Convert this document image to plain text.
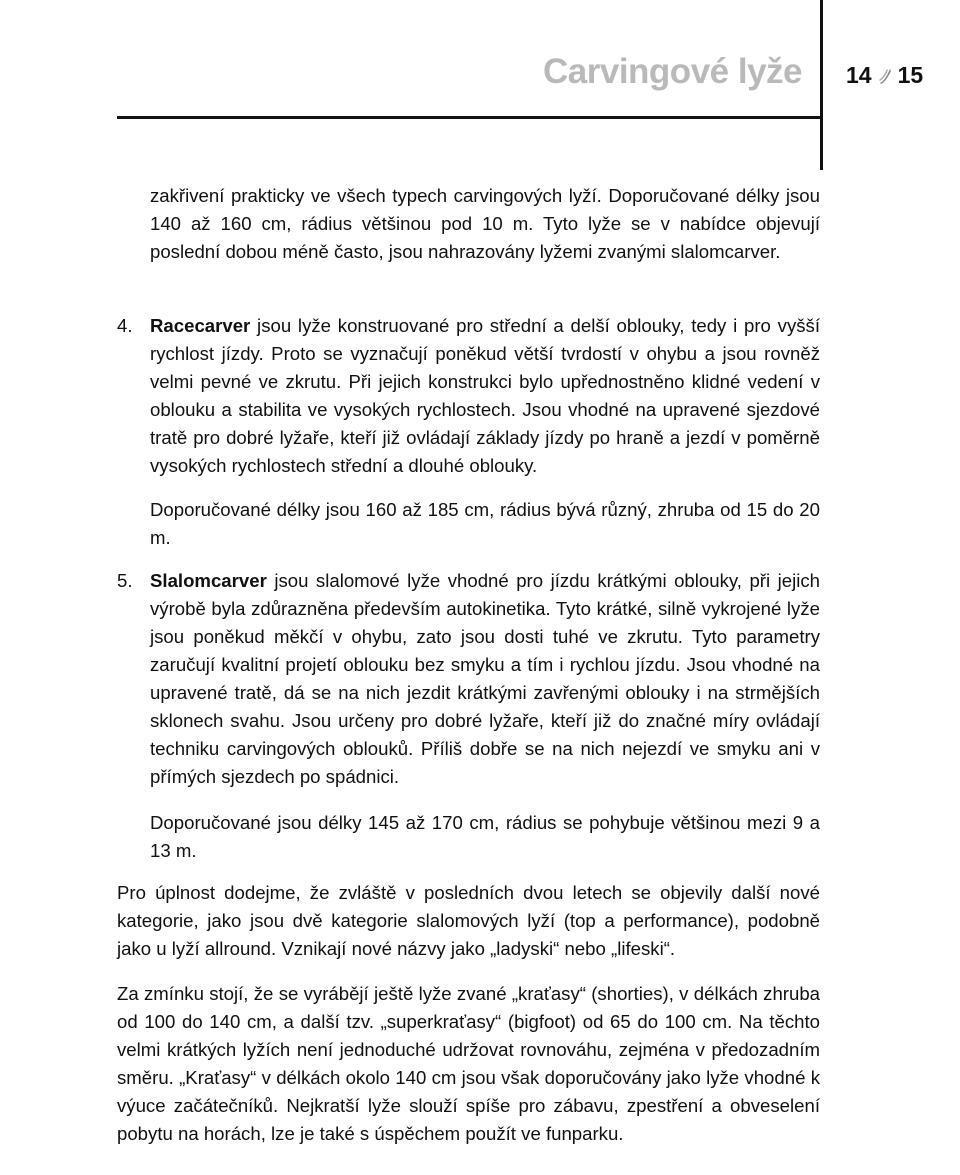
Carvingové lyže 14 15
zakřivení prakticky ve všech typech carvingových lyží. Doporučované délky jsou 140 až 160 cm, rádius většinou pod 10 m. Tyto lyže se v nabídce objevují poslední dobou méně často, jsou nahrazovány lyžemi zvanými slalomcarver.
4. Racecarver jsou lyže konstruované pro střední a delší oblouky, tedy i pro vyšší rychlost jízdy. Proto se vyznačují poněkud větší tvrdostí v ohybu a jsou rovněž velmi pevné ve zkrutu. Při jejich konstrukci bylo upřednostněno klidné vedení v oblouku a stabilita ve vysokých rychlostech. Jsou vhodné na upravené sjezdové tratě pro dobré lyžaře, kteří již ovládají základy jízdy po hraně a jezdí v poměrně vysokých rychlostech střední a dlouhé oblouky.
Doporučované délky jsou 160 až 185 cm, rádius bývá různý, zhruba od 15 do 20 m.
5. Slalomcarver jsou slalomové lyže vhodné pro jízdu krátkými oblouky, při jejich výrobě byla zdůrazněna především autokinetika. Tyto krátké, silně vykrojené lyže jsou poněkud měkčí v ohybu, zato jsou dosti tuhé ve zkrutu. Tyto parametry zaručují kvalitní projetí oblouku bez smyku a tím i rychlou jízdu. Jsou vhodné na upravené tratě, dá se na nich jezdit krátkými zavřenými oblouky i na strmějších sklonech svahu. Jsou určeny pro dobré lyžaře, kteří již do značné míry ovládají techniku carvingových oblouků. Příliš dobře se na nich nejezdí ve smyku ani v přímých sjezdech po spádnici.
Doporučované jsou délky 145 až 170 cm, rádius se pohybuje většinou mezi 9 a 13 m.
Pro úplnost dodejme, že zvláště v posledních dvou letech se objevily další nové kategorie, jako jsou dvě kategorie slalomových lyží (top a performance), podobně jako u lyží allround. Vznikají nové názvy jako „ladyski“ nebo „lifeski“.
Za zmínku stojí, že se vyrábějí ještě lyže zvané „kraťasy“ (shorties), v délkách zhruba od 100 do 140 cm, a další tzv. „superkraťasy“ (bigfoot) od 65 do 100 cm. Na těchto velmi krátkých lyžích není jednoduché udržovat rovnováhu, zejména v předozadním směru. „Kraťasy“ v délkách okolo 140 cm jsou však doporučovány jako lyže vhodné k výuce začátečníků. Nejkratší lyže slouží spíše pro zábavu, zpestření a obveselení pobytu na horách, lze je také s úspěchem použít ve funparku.
